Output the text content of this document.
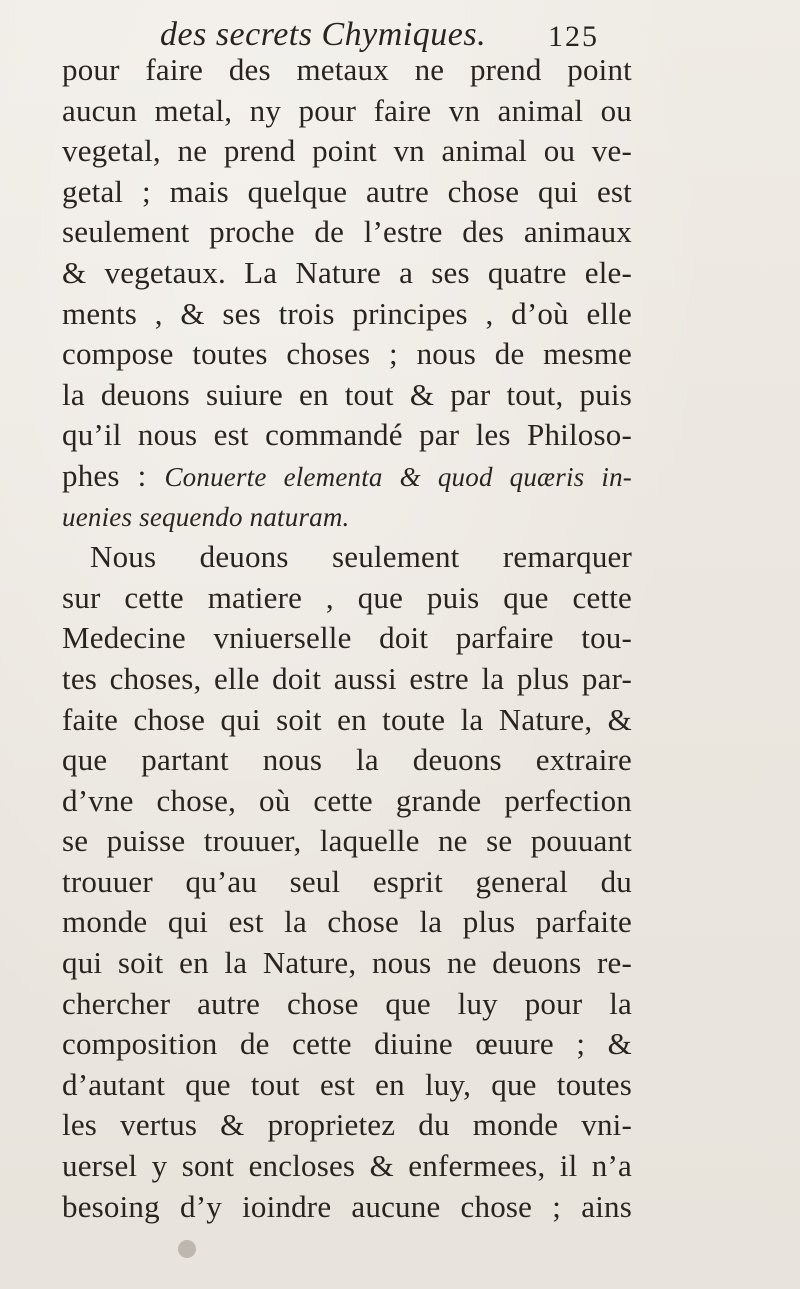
des secrets Chymiques. 125
pour faire des metaux ne prend point
aucun metal, ny pour faire vn animal ou
vegetal, ne prend point vn animal ou ve-
getal ; mais quelque autre chose qui est
seulement proche de l’estre des animaux
& vegetaux. La Nature a ses quatre ele-
ments , & ses trois principes , d’où elle
compose toutes choses ; nous de mesme
la deuons suiure en tout & par tout, puis
qu’il nous est commandé par les Philoso-
phes : Conuerte elementa & quod quæris in-
uenies sequendo naturam.
Nous deuons seulement remarquer
sur cette matiere , que puis que cette
Medecine vniuerselle doit parfaire tou-
tes choses, elle doit aussi estre la plus par-
faite chose qui soit en toute la Nature, &
que partant nous la deuons extraire
d’vne chose, où cette grande perfection
se puisse trouuer, laquelle ne se pouuant
trouuer qu’au seul esprit general du
monde qui est la chose la plus parfaite
qui soit en la Nature, nous ne deuons re-
chercher autre chose que luy pour la
composition de cette diuine œuure ; &
d’autant que tout est en luy, que toutes
les vertus & proprietez du monde vni-
uersel y sont encloses & enfermees, il n’a
besoing d’y ioindre aucune chose ; ains
